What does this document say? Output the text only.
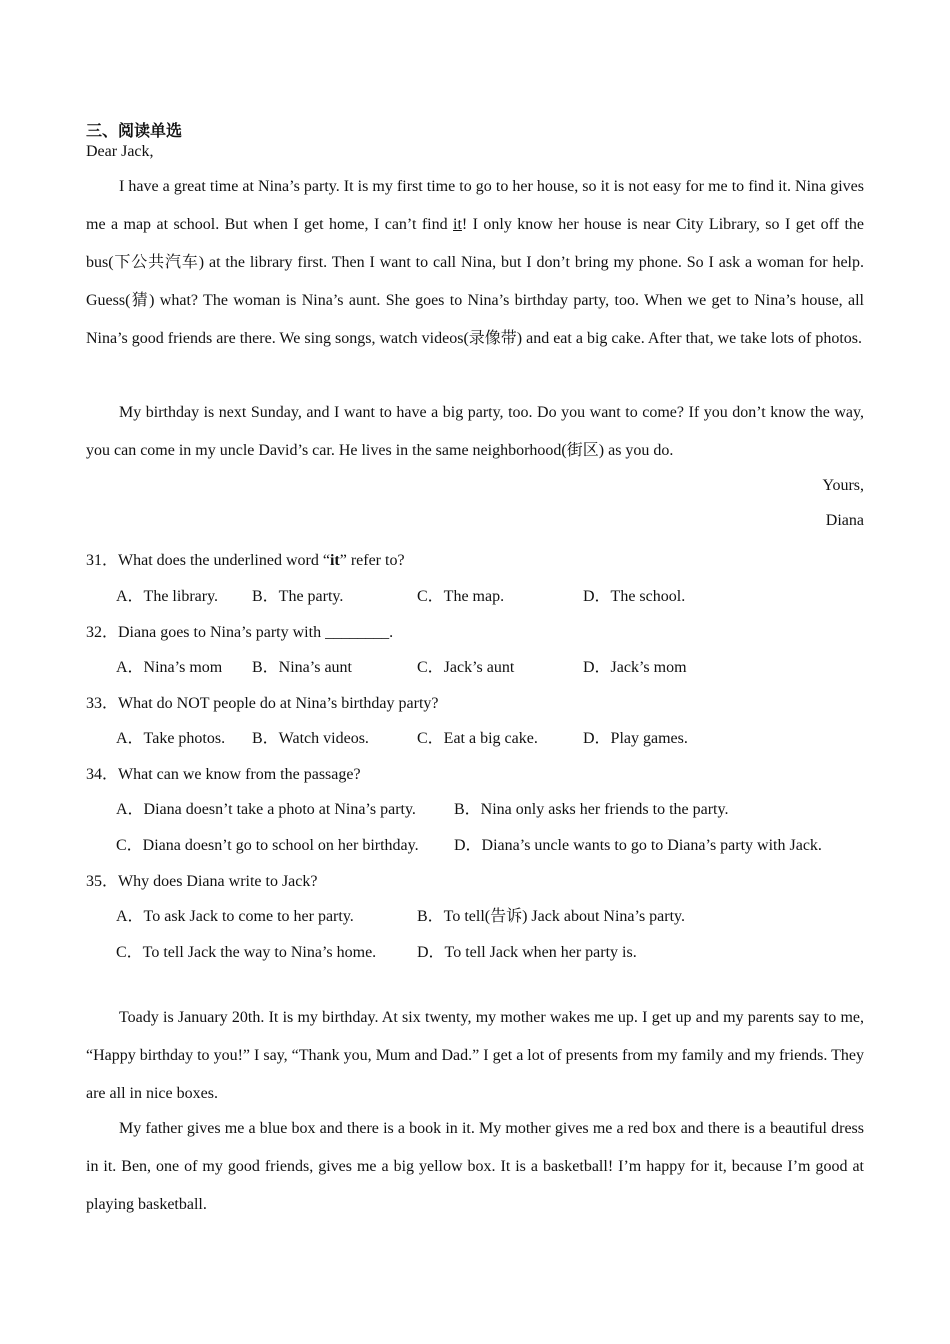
三、阅读单选
Dear Jack,
I have a great time at Nina’s party. It is my first time to go to her house, so it is not easy for me to find it. Nina gives me a map at school. But when I get home, I can’t find it! I only know her house is near City Library, so I get off the bus(下公共汽车) at the library first. Then I want to call Nina, but I don’t bring my phone. So I ask a woman for help. Guess(猜) what? The woman is Nina’s aunt. She goes to Nina’s birthday party, too. When we get to Nina’s house, all Nina’s good friends are there. We sing songs, watch videos(录像带) and eat a big cake. After that, we take lots of photos.
My birthday is next Sunday, and I want to have a big party, too. Do you want to come? If you don’t know the way, you can come in my uncle David’s car. He lives in the same neighborhood(街区) as you do.
Yours,
Diana
31．What does the underlined word “it” refer to?
A．The library. B．The party.	C．The map.	D．The school.
32．Diana goes to Nina’s party with ________.
A．Nina’s mom B．Nina’s aunt	C．Jack’s aunt	D．Jack’s mom
33．What do NOT people do at Nina’s birthday party?
A．Take photos. B．Watch videos.	C．Eat a big cake.	D．Play games.
34．What can we know from the passage?
A．Diana doesn’t take a photo at Nina’s party. B．Nina only asks her friends to the party.
C．Diana doesn’t go to school on her birthday. D．Diana’s uncle wants to go to Diana’s party with Jack.
35．Why does Diana write to Jack?
A．To ask Jack to come to her party.	B．To tell(告诉) Jack about Nina’s party.
C．To tell Jack the way to Nina’s home.	D．To tell Jack when her party is.
Toady is January 20th. It is my birthday. At six twenty, my mother wakes me up. I get up and my parents say to me, “Happy birthday to you!” I say, “Thank you, Mum and Dad.” I get a lot of presents from my family and my friends. They are all in nice boxes.
My father gives me a blue box and there is a book in it. My mother gives me a red box and there is a beautiful dress in it. Ben, one of my good friends, gives me a big yellow box. It is a basketball! I’m happy for it, because I’m good at playing basketball.
